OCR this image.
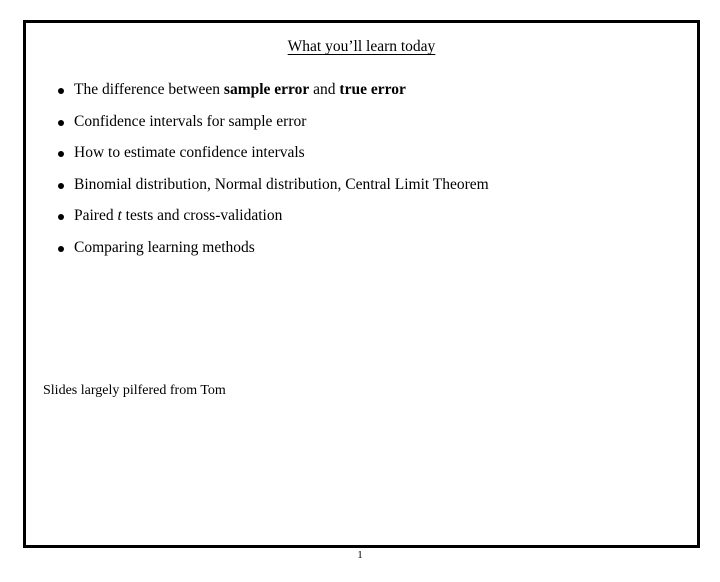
What you’ll learn today
The difference between sample error and true error
Confidence intervals for sample error
How to estimate confidence intervals
Binomial distribution, Normal distribution, Central Limit Theorem
Paired t tests and cross-validation
Comparing learning methods
Slides largely pilfered from Tom
1
